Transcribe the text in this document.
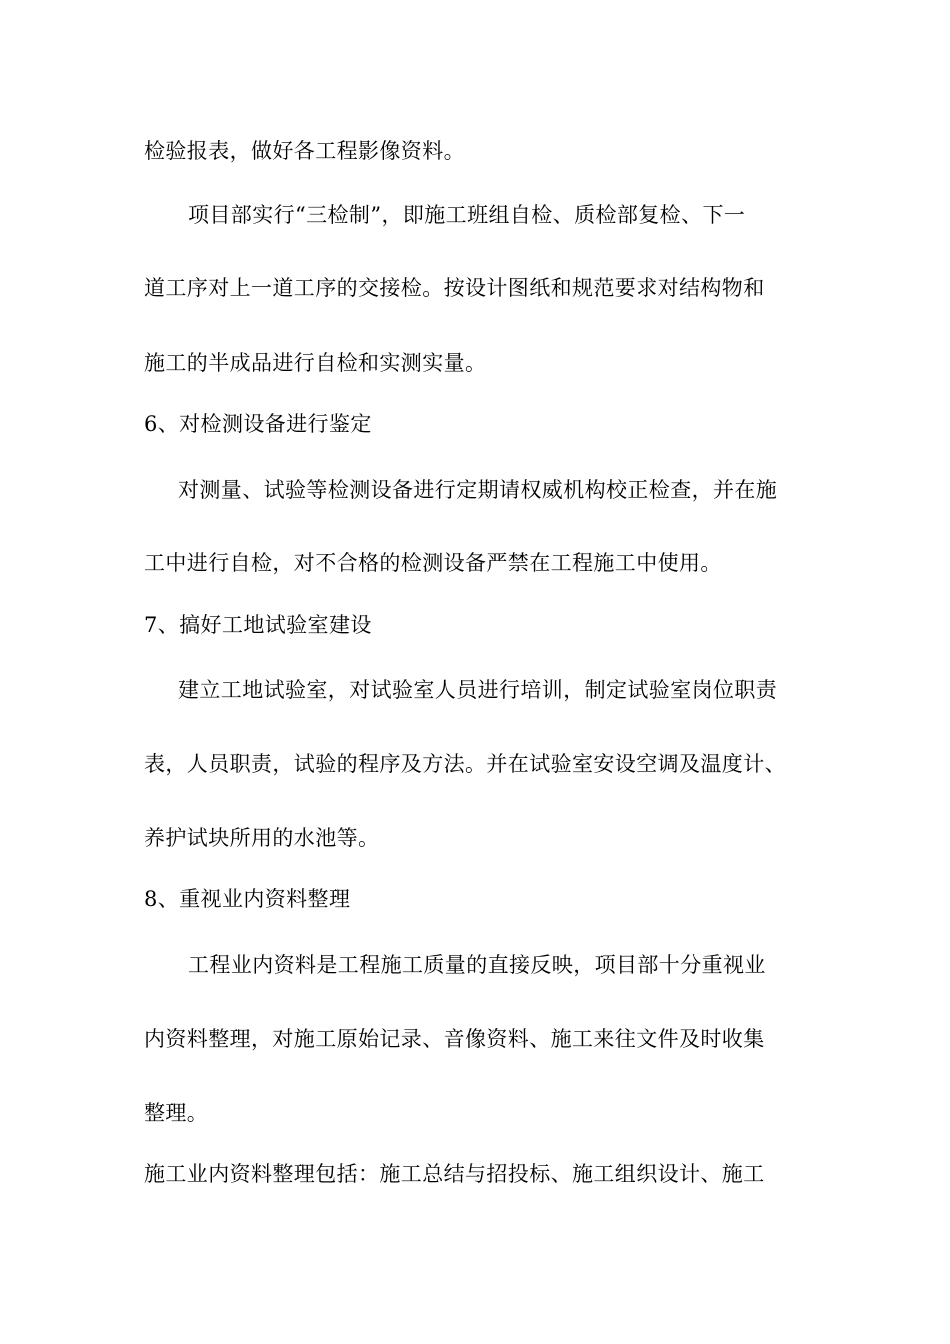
检验报表，做好各工程影像资料。
项目部实行“三检制”，即施工班组自检、质检部复检、下一
道工序对上一道工序的交接检。按设计图纸和规范要求对结构物和
施工的半成品进行自检和实测实量。
6、对检测设备进行鉴定
对测量、试验等检测设备进行定期请权威机构校正检查，并在施
工中进行自检，对不合格的检测设备严禁在工程施工中使用。
7、搞好工地试验室建设
建立工地试验室，对试验室人员进行培训，制定试验室岗位职责
表，人员职责，试验的程序及方法。并在试验室安设空调及温度计、
养护试块所用的水池等。
8、重视业内资料整理
工程业内资料是工程施工质量的直接反映，项目部十分重视业
内资料整理，对施工原始记录、音像资料、施工来往文件及时收集
整理。
施工业内资料整理包括：施工总结与招投标、施工组织设计、施工
